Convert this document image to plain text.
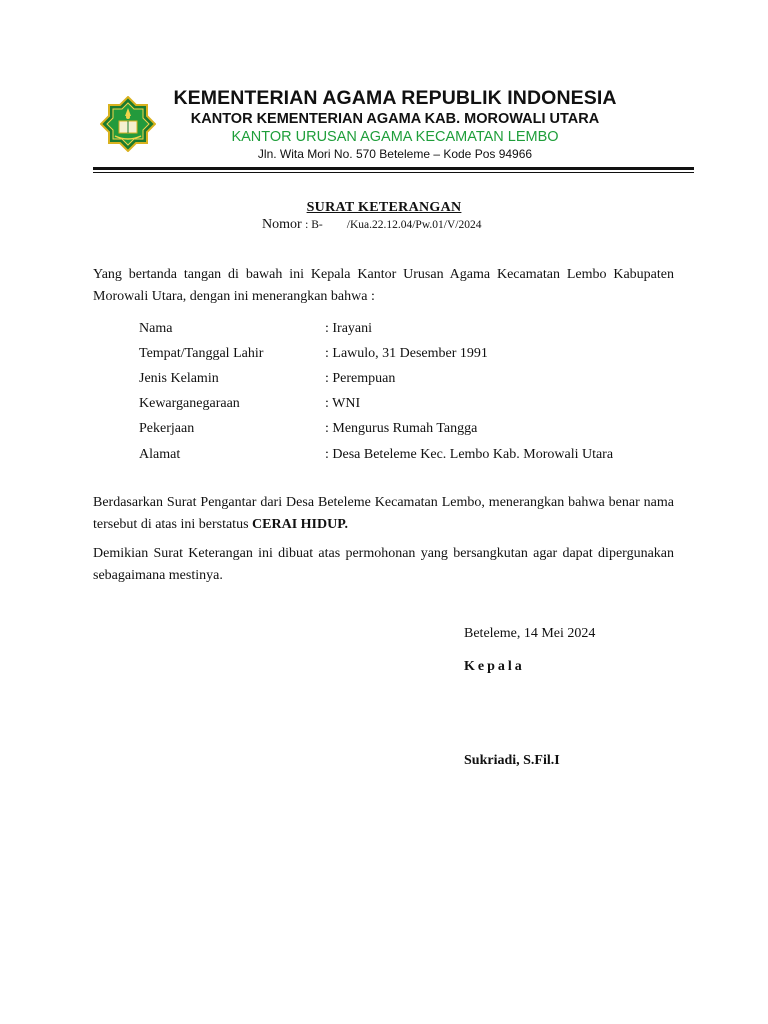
KEMENTERIAN AGAMA REPUBLIK INDONESIA
KANTOR KEMENTERIAN AGAMA KAB. MOROWALI UTARA
KANTOR URUSAN AGAMA KECAMATAN LEMBO
Jln. Wita Mori No. 570 Beteleme – Kode Pos 94966
SURAT KETERANGAN
Nomor : B- /Kua.22.12.04/Pw.01/V/2024

Yang bertanda tangan di bawah ini Kepala Kantor Urusan Agama Kecamatan Lembo Kabupaten Morowali Utara, dengan ini menerangkan bahwa :

Nama	: Irayani
Tempat/Tanggal Lahir	: Lawulo, 31 Desember 1991
Jenis Kelamin	: Perempuan
Kewarganegaraan	: WNI
Pekerjaan	: Mengurus Rumah Tangga
Alamat	: Desa Beteleme Kec. Lembo Kab. Morowali Utara

Berdasarkan Surat Pengantar dari Desa Beteleme Kecamatan Lembo, menerangkan bahwa benar nama tersebut di atas ini berstatus CERAI HIDUP.

Demikian Surat Keterangan ini dibuat atas permohonan yang bersangkutan agar dapat dipergunakan sebagaimana mestinya.

Beteleme, 14 Mei 2024
Kepala
Sukriadi, S.Fil.I
